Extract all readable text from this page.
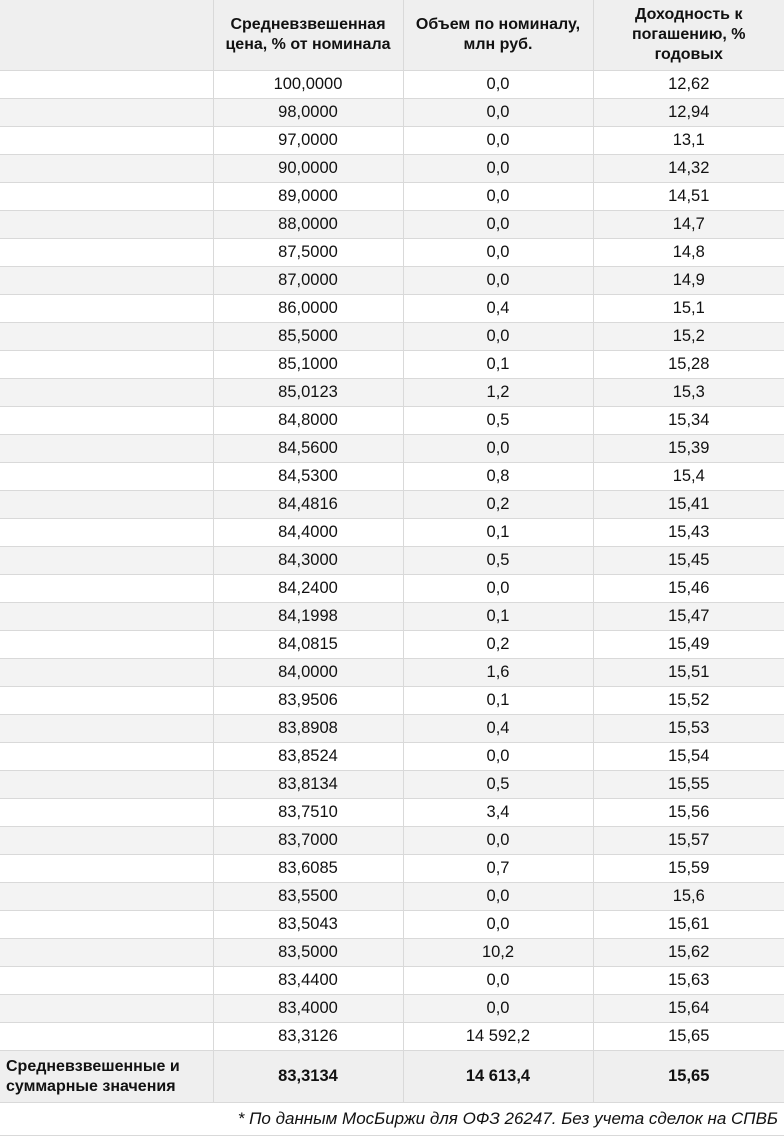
	Средневзвешенная цена, % от номинала	Объем по номиналу, млн руб.	Доходность к погашению, % годовых
	100,0000	0,0	12,62
	98,0000	0,0	12,94
	97,0000	0,0	13,1
	90,0000	0,0	14,32
	89,0000	0,0	14,51
	88,0000	0,0	14,7
	87,5000	0,0	14,8
	87,0000	0,0	14,9
	86,0000	0,4	15,1
	85,5000	0,0	15,2
	85,1000	0,1	15,28
	85,0123	1,2	15,3
	84,8000	0,5	15,34
	84,5600	0,0	15,39
	84,5300	0,8	15,4
	84,4816	0,2	15,41
	84,4000	0,1	15,43
	84,3000	0,5	15,45
	84,2400	0,0	15,46
	84,1998	0,1	15,47
	84,0815	0,2	15,49
	84,0000	1,6	15,51
	83,9506	0,1	15,52
	83,8908	0,4	15,53
	83,8524	0,0	15,54
	83,8134	0,5	15,55
	83,7510	3,4	15,56
	83,7000	0,0	15,57
	83,6085	0,7	15,59
	83,5500	0,0	15,6
	83,5043	0,0	15,61
	83,5000	10,2	15,62
	83,4400	0,0	15,63
	83,4000	0,0	15,64
	83,3126	14 592,2	15,65
Средневзвешенные и суммарные значения	83,3134	14 613,4	15,65
* По данным МосБиржи для ОФЗ 26247. Без учета сделок на СПВБ			
